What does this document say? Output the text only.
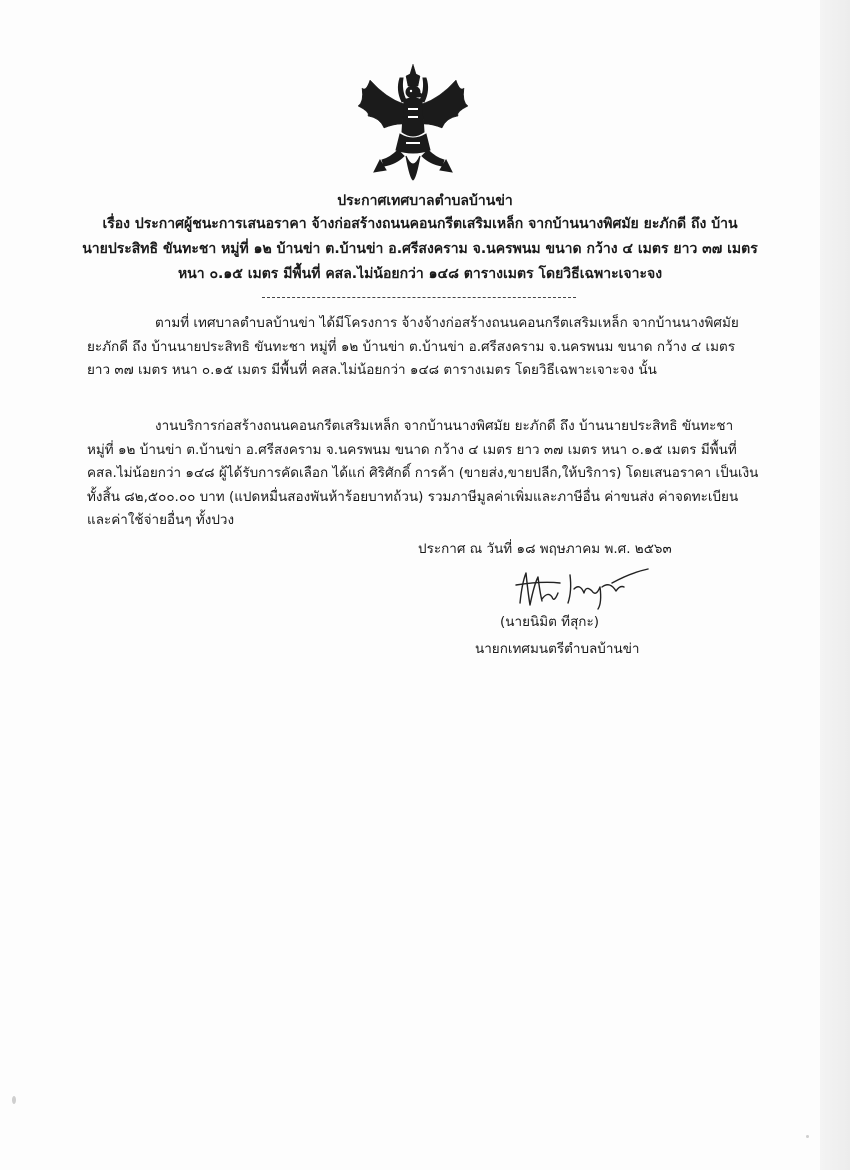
ประกาศเทศบาลตำบลบ้านข่า
เรื่อง ประกาศผู้ชนะการเสนอราคา จ้างก่อสร้างถนนคอนกรีตเสริมเหล็ก จากบ้านนางพิศมัย ยะภักดี ถึง บ้าน
นายประสิทธิ ขันทะชา หมู่ที่ ๑๒ บ้านข่า ต.บ้านข่า อ.ศรีสงคราม จ.นครพนม ขนาด กว้าง ๔ เมตร ยาว ๓๗ เมตร
หนา ๐.๑๕ เมตร มีพื้นที่ คสล.ไม่น้อยกว่า ๑๔๘ ตารางเมตร โดยวิธีเฉพาะเจาะจง
ตามที่ เทศบาลตำบลบ้านข่า ได้มีโครงการ จ้างจ้างก่อสร้างถนนคอนกรีตเสริมเหล็ก จากบ้านนางพิศมัย
ยะภักดี ถึง บ้านนายประสิทธิ ขันทะชา หมู่ที่ ๑๒ บ้านข่า ต.บ้านข่า อ.ศรีสงคราม จ.นครพนม ขนาด กว้าง ๔ เมตร
ยาว ๓๗ เมตร หนา ๐.๑๕ เมตร มีพื้นที่ คสล.ไม่น้อยกว่า ๑๔๘ ตารางเมตร โดยวิธีเฉพาะเจาะจง นั้น
งานบริการก่อสร้างถนนคอนกรีตเสริมเหล็ก จากบ้านนางพิศมัย ยะภักดี ถึง บ้านนายประสิทธิ ขันทะชา
หมู่ที่ ๑๒ บ้านข่า ต.บ้านข่า อ.ศรีสงคราม จ.นครพนม ขนาด กว้าง ๔ เมตร ยาว ๓๗ เมตร หนา ๐.๑๕ เมตร มีพื้นที่
คสล.ไม่น้อยกว่า ๑๔๘ ผู้ได้รับการคัดเลือก ได้แก่ ศิริศักดิ์ การค้า (ขายส่ง,ขายปลีก,ให้บริการ) โดยเสนอราคา เป็นเงิน
ทั้งสิ้น ๘๒,๕๐๐.๐๐ บาท (แปดหมื่นสองพันห้าร้อยบาทถ้วน) รวมภาษีมูลค่าเพิ่มและภาษีอื่น ค่าขนส่ง ค่าจดทะเบียน
และค่าใช้จ่ายอื่นๆ ทั้งปวง
ประกาศ ณ วันที่ ๑๘ พฤษภาคม พ.ศ. ๒๕๖๓
(นายนิมิต ทีสุกะ)
นายกเทศมนตรีตำบลบ้านข่า
